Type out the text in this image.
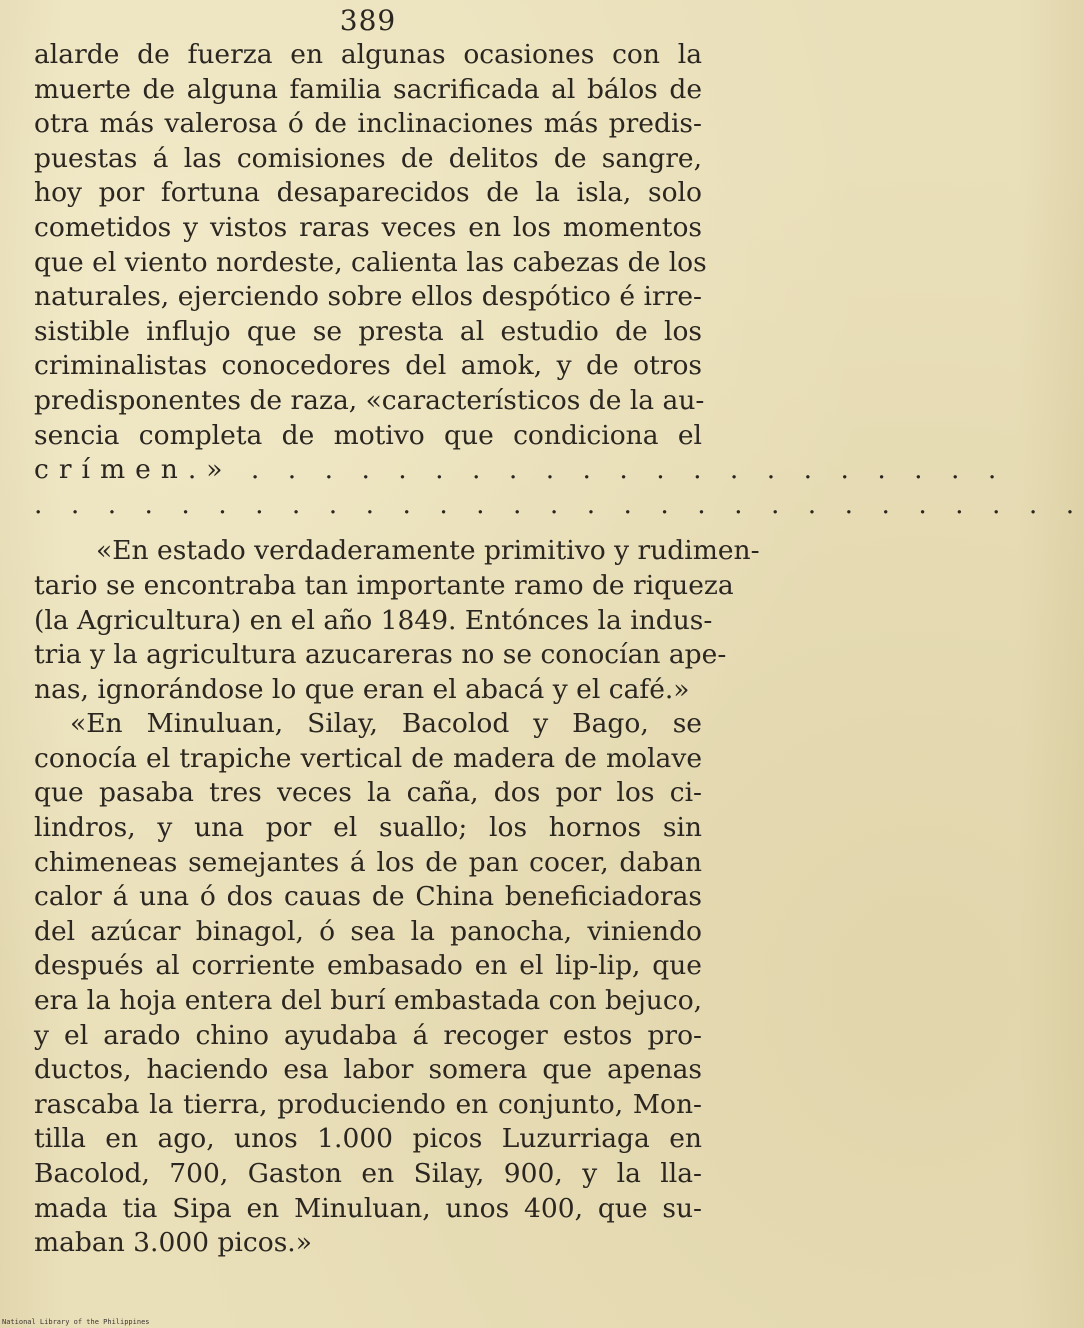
389
alarde de fuerza en algunas ocasiones con la
muerte de alguna familia sacrificada al bálos de
otra más valerosa ó de inclinaciones más predis-
puestas á las comisiones de delitos de sangre,
hoy por fortuna desaparecidos de la isla, solo
cometidos y vistos raras veces en los momentos
que el viento nordeste, calienta las cabezas de los
naturales, ejerciendo sobre ellos despótico é irre-
sistible influjo que se presta al estudio de los
criminalistas conocedores del amok, y de otros
predisponentes de raza, «característicos de la au-
sencia completa de motivo que condiciona el
crímen.» . . . . . . . . . . . . . . . . . . . . .
. . . . . . . . . . . . . . . . . . . . . . . . . . . . .
«En estado verdaderamente primitivo y rudimen-
tario se encontraba tan importante ramo de riqueza
(la Agricultura) en el año 1849. Entónces la indus-
tria y la agricultura azucareras no se conocían ape-
nas, ignorándose lo que eran el abacá y el café.»
«En Minuluan, Silay, Bacolod y Bago, se
conocía el trapiche vertical de madera de molave
que pasaba tres veces la caña, dos por los ci-
lindros, y una por el suallo; los hornos sin
chimeneas semejantes á los de pan cocer, daban
calor á una ó dos cauas de China beneficiadoras
del azúcar binagol, ó sea la panocha, viniendo
después al corriente embasado en el lip-lip, que
era la hoja entera del burí embastada con bejuco,
y el arado chino ayudaba á recoger estos pro-
ductos, haciendo esa labor somera que apenas
rascaba la tierra, produciendo en conjunto, Mon-
tilla en ago, unos 1.000 picos Luzurriaga en
Bacolod, 700, Gaston en Silay, 900, y la lla-
mada tia Sipa en Minuluan, unos 400, que su-
maban 3.000 picos.»
National Library of the Philippines
